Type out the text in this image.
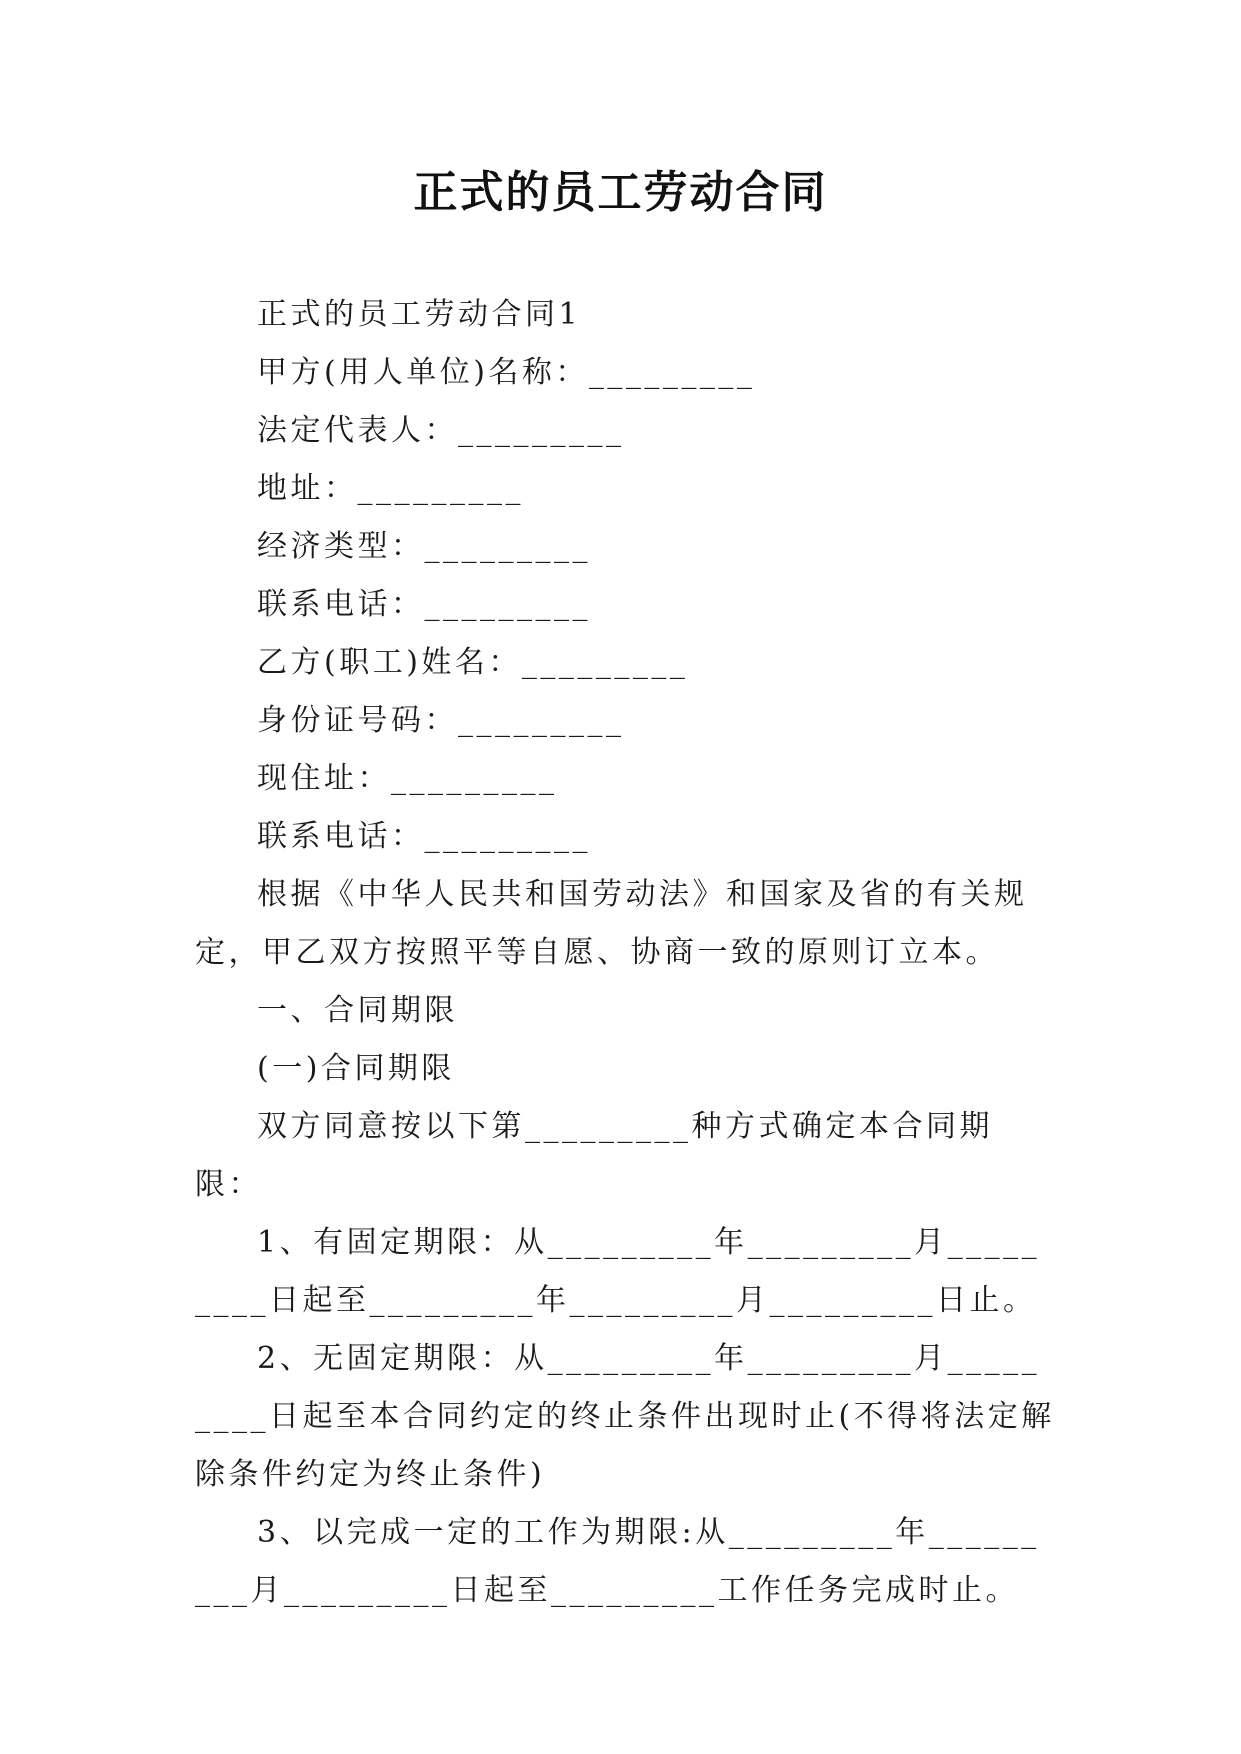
正式的员工劳动合同

正式的员工劳动合同1

甲方(用人单位)名称：_________

法定代表人：_________

地址：_________

经济类型：_________

联系电话：_________

乙方(职工)姓名：_________

身份证号码：_________

现住址：_________

联系电话：_________

根据《中华人民共和国劳动法》和国家及省的有关规定，甲乙双方按照平等自愿、协商一致的原则订立本。

一、合同期限

(一)合同期限

双方同意按以下第_________种方式确定本合同期限：

1、有固定期限：从_________年_________月_________日起至_________年_________月_________日止。

2、无固定期限：从_________年_________月_________日起至本合同约定的终止条件出现时止(不得将法定解除条件约定为终止条件)

3、以完成一定的工作为期限:从_________年_________月_________日起至_________工作任务完成时止。
